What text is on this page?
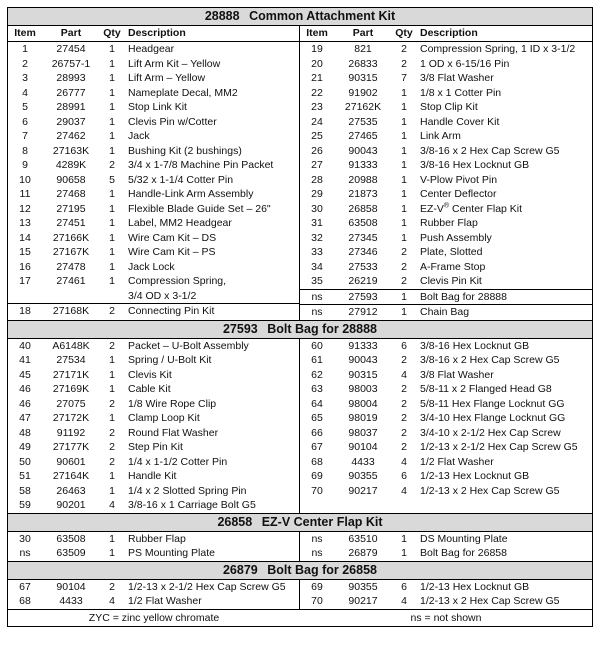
28888 Common Attachment Kit
Item	Part	Qty	Description
1	27454	1	Headgear
2	26757-1	1	Lift Arm Kit – Yellow
3	28993	1	Lift Arm – Yellow
4	26777	1	Nameplate Decal, MM2
5	28991	1	Stop Link Kit
6	29037	1	Clevis Pin w/Cotter
7	27462	1	Jack
8	27163K	1	Bushing Kit (2 bushings)
9	4289K	2	3/4 x 1-7/8 Machine Pin Packet
10	90658	5	5/32 x 1-1/4 Cotter Pin
11	27468	1	Handle-Link Arm Assembly
12	27195	1	Flexible Blade Guide Set – 26"
13	27451	1	Label, MM2 Headgear
14	27166K	1	Wire Cam Kit – DS
15	27167K	1	Wire Cam Kit – PS
16	27478	1	Jack Lock
17	27461	1	Compression Spring,
			3/4 OD x 3-1/2
18	27168K	2	Connecting Pin Kit
Item	Part	Qty	Description
19	821	2	Compression Spring, 1 ID x 3-1/2
20	26833	2	1 OD x 6-15/16 Pin
21	90315	7	3/8 Flat Washer
22	91902	1	1/8 x 1 Cotter Pin
23	27162K	1	Stop Clip Kit
24	27535	1	Handle Cover Kit
25	27465	1	Link Arm
26	90043	1	3/8-16 x 2 Hex Cap Screw G5
27	91333	1	3/8-16 Hex Locknut GB
28	20988	1	V-Plow Pivot Pin
29	21873	1	Center Deflector
30	26858	1	EZ-V® Center Flap Kit
31	63508	1	Rubber Flap
32	27345	1	Push Assembly
33	27346	2	Plate, Slotted
34	27533	2	A-Frame Stop
35	26219	2	Clevis Pin Kit
ns	27593	1	Bolt Bag for 28888
ns	27912	1	Chain Bag
27593 Bolt Bag for 28888
40	A6148K	2	Packet – U-Bolt Assembly
41	27534	1	Spring / U-Bolt Kit
45	27171K	1	Clevis Kit
46	27169K	1	Cable Kit
46	27075	2	1/8 Wire Rope Clip
47	27172K	1	Clamp Loop Kit
48	91192	2	Round Flat Washer
49	27177K	2	Step Pin Kit
50	90601	2	1/4 x 1-1/2 Cotter Pin
51	27164K	1	Handle Kit
58	26463	1	1/4 x 2 Slotted Spring Pin
59	90201	4	3/8-16 x 1 Carriage Bolt G5
60	91333	6	3/8-16 Hex Locknut GB
61	90043	2	3/8-16 x 2 Hex Cap Screw G5
62	90315	4	3/8 Flat Washer
63	98003	2	5/8-11 x 2 Flanged Head G8
64	98004	2	5/8-11 Hex Flange Locknut GG
65	98019	2	3/4-10 Hex Flange Locknut GG
66	98037	2	3/4-10 x 2-1/2 Hex Cap Screw
67	90104	2	1/2-13 x 2-1/2 Hex Cap Screw G5
68	4433	4	1/2 Flat Washer
69	90355	6	1/2-13 Hex Locknut GB
70	90217	4	1/2-13 x 2 Hex Cap Screw G5
26858 EZ-V Center Flap Kit
30	63508	1	Rubber Flap
ns	63509	1	PS Mounting Plate
ns	63510	1	DS Mounting Plate
ns	26879	1	Bolt Bag for 26858
26879 Bolt Bag for 26858
67	90104	2	1/2-13 x 2-1/2 Hex Cap Screw G5
68	4433	4	1/2 Flat Washer
69	90355	6	1/2-13 Hex Locknut GB
70	90217	4	1/2-13 x 2 Hex Cap Screw G5
ZYC = zinc yellow chromate	ns = not shown
